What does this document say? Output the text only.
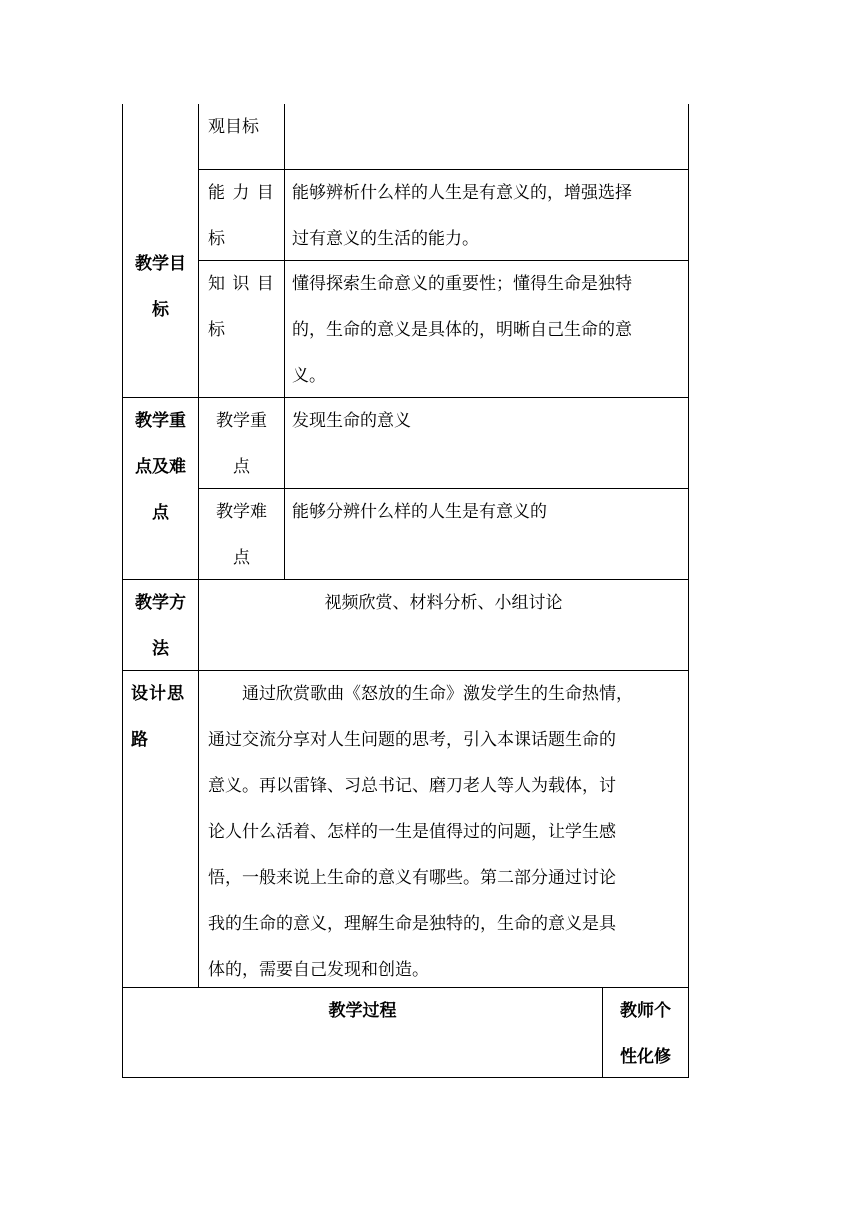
教学目
标
观目标
能 力 目
标
能够辨析什么样的人生是有意义的，增强选择
过有意义的生活的能力。
知 识 目
标
懂得探索生命意义的重要性；懂得生命是独特
的，生命的意义是具体的，明晰自己生命的意
义。
教学重
点及难
点
教学重
点
发现生命的意义
教学难
点
能够分辨什么样的人生是有意义的
教学方
法
视频欣赏、材料分析、小组讨论
设计思
路
通过欣赏歌曲《怒放的生命》激发学生的生命热情，
通过交流分享对人生问题的思考，引入本课话题生命的
意义。再以雷锋、习总书记、磨刀老人等人为载体，讨
论人什么活着、怎样的一生是值得过的问题，让学生感
悟，一般来说上生命的意义有哪些。第二部分通过讨论
我的生命的意义，理解生命是独特的，生命的意义是具
体的，需要自己发现和创造。
教学过程	教师个
性化修
